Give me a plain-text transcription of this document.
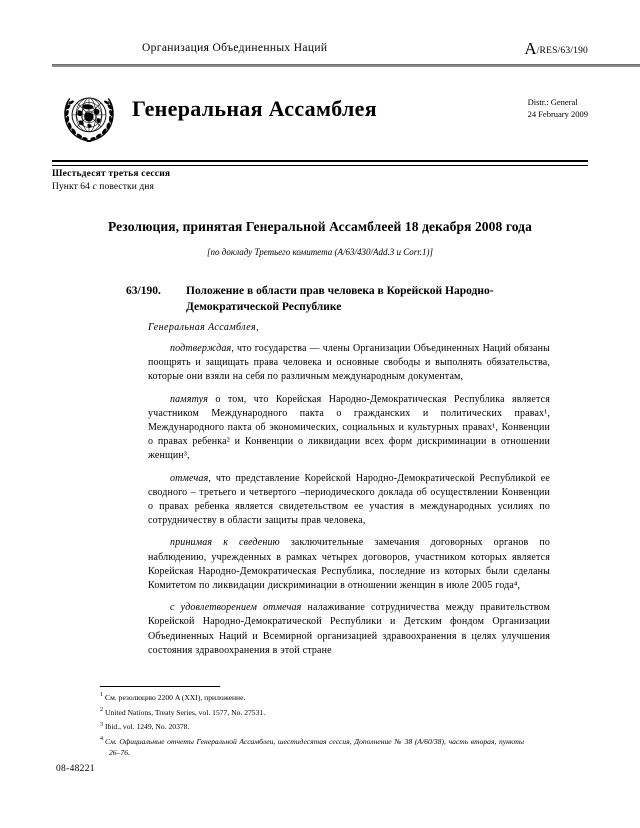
Организация Объединенных Наций	A/RES/63/190
Генеральная Ассамблея	Distr.: General
24 February 2009
Шестьдесят третья сессия
Пункт 64 c повестки дня
Резолюция, принятая Генеральной Ассамблеей 18 декабря 2008 года
[по докладу Третьего комитета (A/63/430/Add.3 и Corr.1)]
63/190.	Положение в области прав человека в Корейской Народно-Демократической Республике
Генеральная Ассамблея,

подтверждая, что государства — члены Организации Объединенных Наций обязаны поощрять и защищать права человека и основные свободы и выполнять обязательства, которые они взяли на себя по различным международным документам,

памятуя о том, что Корейская Народно-Демократическая Республика является участником Международного пакта о гражданских и политических правах¹, Международного пакта об экономических, социальных и культурных правах¹, Конвенции о правах ребенка² и Конвенции о ликвидации всех форм дискриминации в отношении женщин³,

отмечая, что представление Корейской Народно-Демократической Республикой ее сводного – третьего и четвертого –периодического доклада об осуществлении Конвенции о правах ребенка является свидетельством ее участия в международных усилиях по сотрудничеству в области защиты прав человека,

принимая к сведению заключительные замечания договорных органов по наблюдению, учрежденных в рамках четырех договоров, участником которых является Корейская Народно-Демократическая Республика, последние из которых были сделаны Комитетом по ликвидации дискриминации в отношении женщин в июле 2005 года⁴,

с удовлетворением отмечая налаживание сотрудничества между правительством Корейской Народно-Демократической Республики и Детским фондом Организации Объединенных Наций и Всемирной организацией здравоохранения в целях улучшения состояния здравоохранения в этой стране

$^1$ См. резолюцию 2200 A (XXI), приложение.

$^2$ United Nations, Treaty Series, vol. 1577, No. 27531.

$^3$ Ibid., vol. 1249, No. 20378.

$^4$ См. Официальные отчеты Генеральной Ассамблеи, шестидесятая сессия, Дополнение № 38 (A/60/38), часть вторая, пункты 26–76.

08-48221
